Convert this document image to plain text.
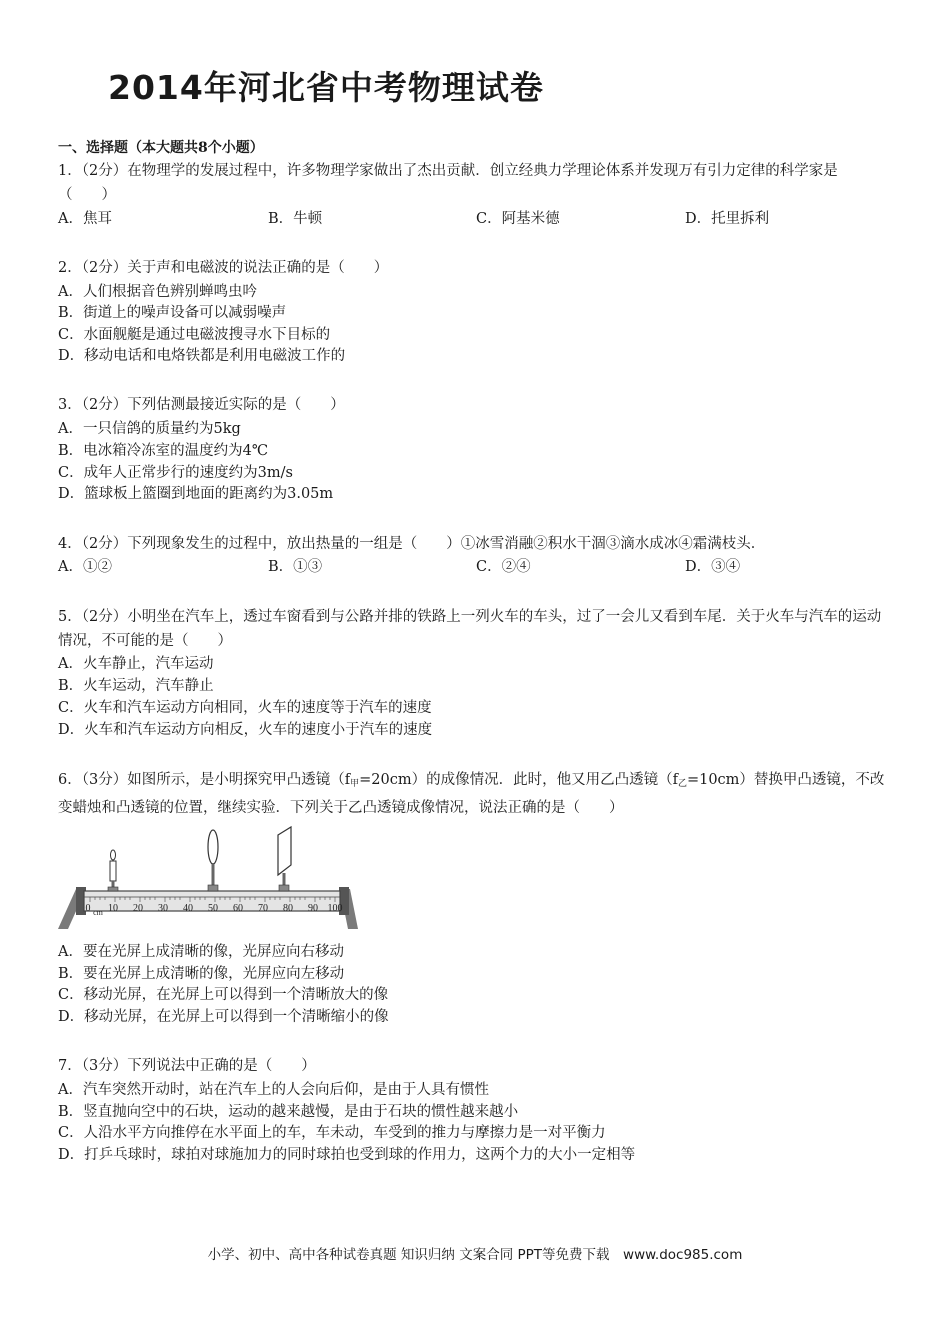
2014年河北省中考物理试卷
一、选择题（本大题共8个小题）
1．（2分）在物理学的发展过程中，许多物理学家做出了杰出贡献．创立经典力学理论体系并发现万有引力定律的科学家是（　　）
A．焦耳	B．牛顿	C．阿基米德	D．托里拆利
2．（2分）关于声和电磁波的说法正确的是（　　）
A．人们根据音色辨别蝉鸣虫吟
B．街道上的噪声设备可以减弱噪声
C．水面舰艇是通过电磁波搜寻水下目标的
D．移动电话和电烙铁都是利用电磁波工作的
3．（2分）下列估测最接近实际的是（　　）
A．一只信鸽的质量约为5kg
B．电冰箱冷冻室的温度约为4℃
C．成年人正常步行的速度约为3m/s
D．篮球板上篮圈到地面的距离约为3.05m
4．（2分）下列现象发生的过程中，放出热量的一组是（　　）①冰雪消融②积水干涸③滴水成冰④霜满枝头．
A．①②	B．①③	C．②④	D．③④
5．（2分）小明坐在汽车上，透过车窗看到与公路并排的铁路上一列火车的车头，过了一会儿又看到车尾．关于火车与汽车的运动情况，不可能的是（　　）
A．火车静止，汽车运动
B．火车运动，汽车静止
C．火车和汽车运动方向相同，火车的速度等于汽车的速度
D．火车和汽车运动方向相反，火车的速度小于汽车的速度
6．（3分）如图所示，是小明探究甲凸透镜$(f_甲=20cm)$的成像情况．此时，他又用乙凸透镜$(f_乙=10cm)$替换甲凸透镜，不改变蜡烛和凸透镜的位置，继续实验．下列关于乙凸透镜成像情况，说法正确的是（　　）
0 cm 10 20 30 40 50 60 70 80 90 100
A．要在光屏上成清晰的像，光屏应向右移动
B．要在光屏上成清晰的像，光屏应向左移动
C．移动光屏，在光屏上可以得到一个清晰放大的像
D．移动光屏，在光屏上可以得到一个清晰缩小的像
7．（3分）下列说法中正确的是（　　）
A．汽车突然开动时，站在汽车上的人会向后仰，是由于人具有惯性
B．竖直抛向空中的石块，运动的越来越慢，是由于石块的惯性越来越小
C．人沿水平方向推停在水平面上的车，车未动，车受到的推力与摩擦力是一对平衡力
D．打乒乓球时，球拍对球施加力的同时球拍也受到球的作用力，这两个力的大小一定相等
小学、初中、高中各种试卷真题 知识归纳 文案合同 PPT等免费下载　www.doc985.com
